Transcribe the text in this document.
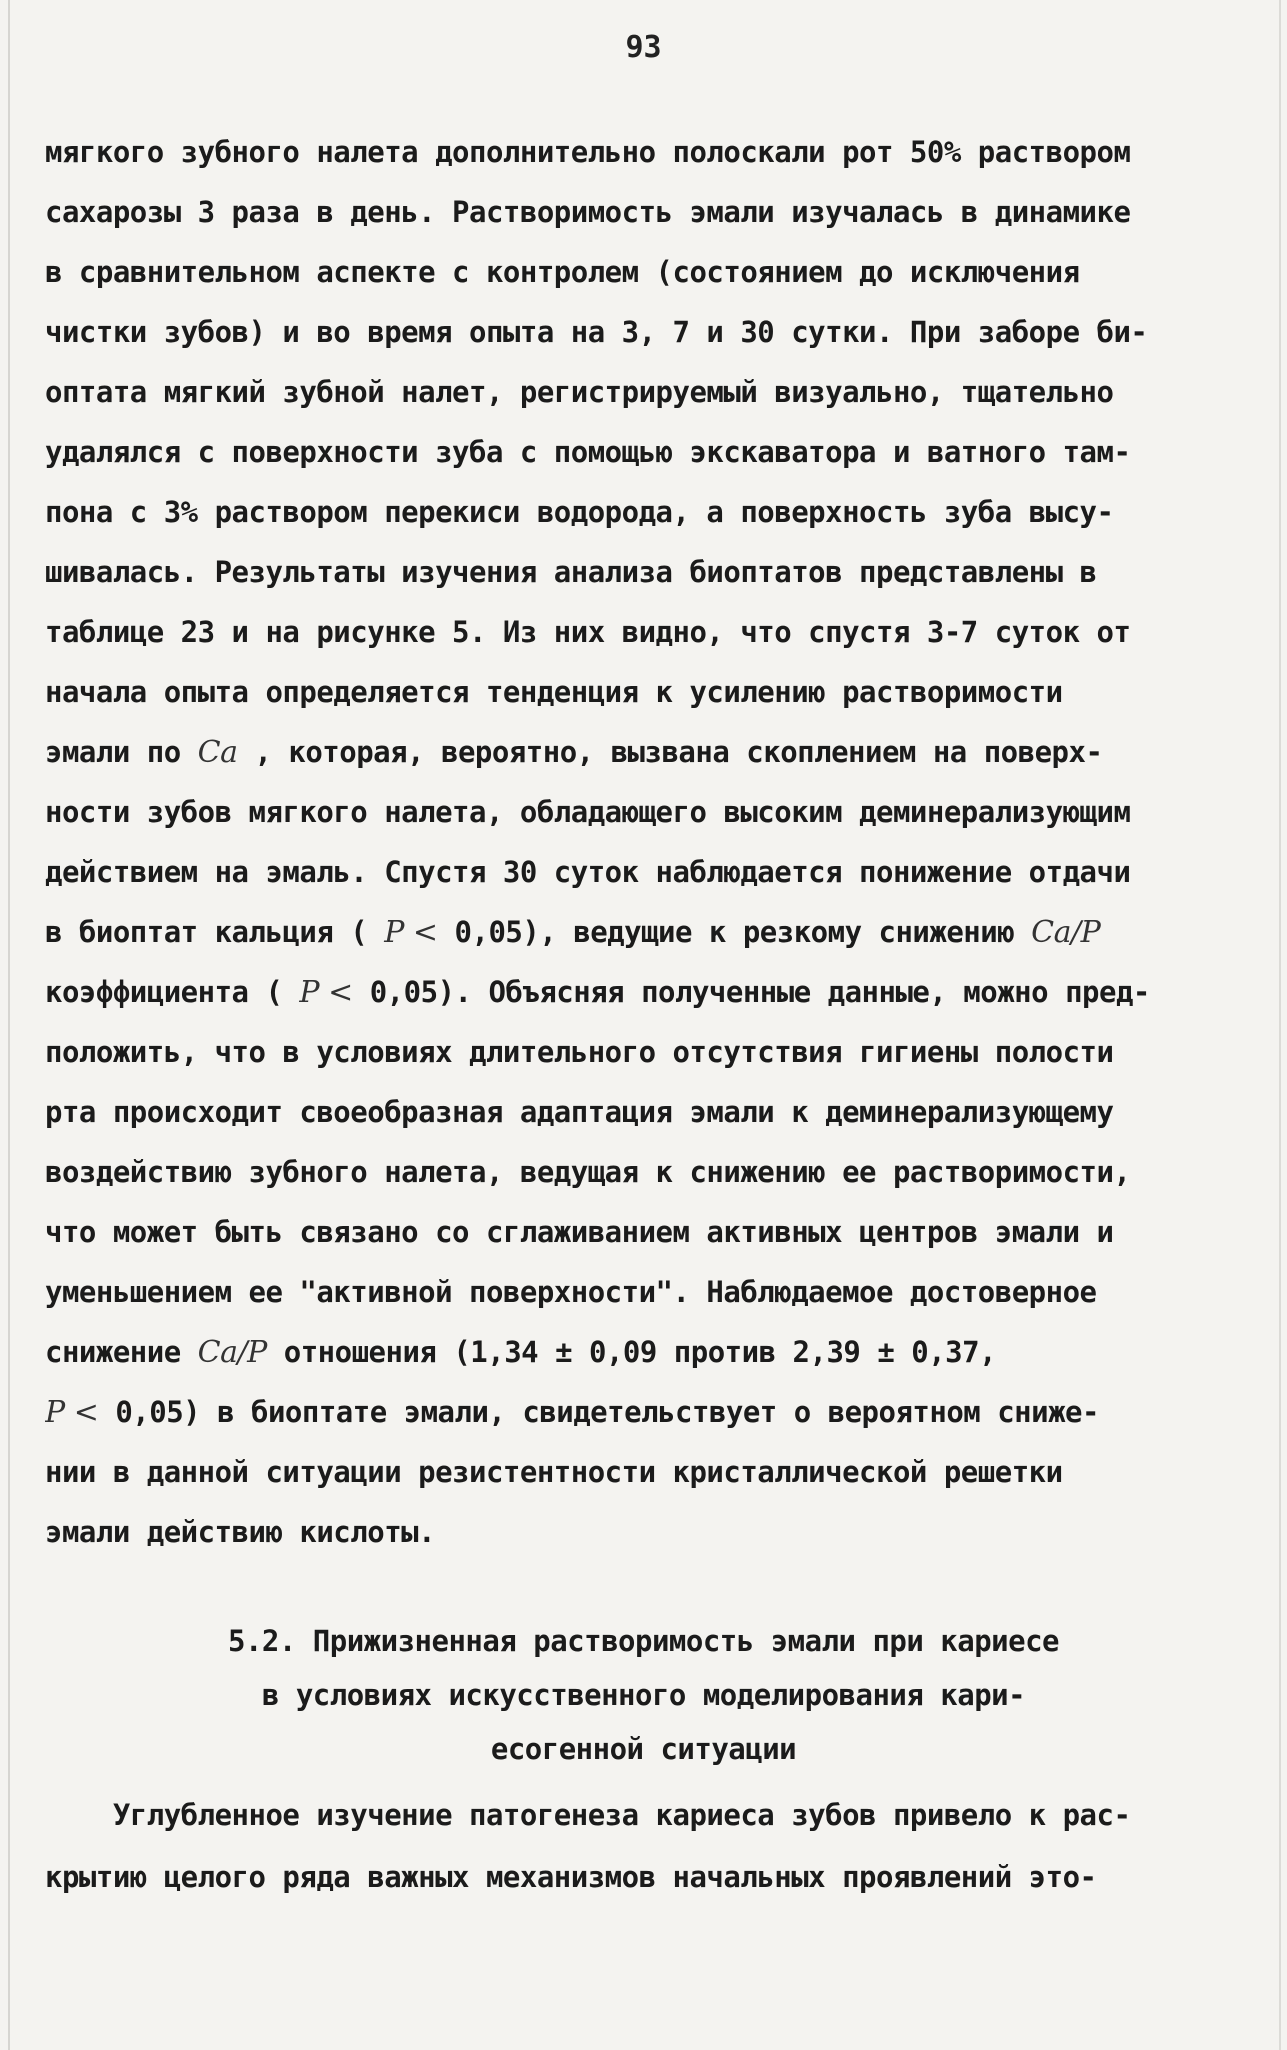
93
мягкого зубного налета дополнительно полоскали рот 50% раствором
сахарозы 3 раза в день. Растворимость эмали изучалась в динамике
в сравнительном аспекте с контролем (состоянием до исключения
чистки зубов) и во время опыта на 3, 7 и 30 сутки. При заборе би-
оптата мягкий зубной налет, регистрируемый визуально, тщательно
удалялся с поверхности зуба с помощью экскаватора и ватного там-
пона с 3% раствором перекиси водорода, а поверхность зуба высу-
шивалась. Результаты изучения анализа биоптатов представлены в
таблице 23 и на рисунке 5. Из них видно, что спустя 3-7 суток от
начала опыта определяется тенденция к усилению растворимости
эмали по Ca , которая, вероятно, вызвана скоплением на поверх-
ности зубов мягкого налета, обладающего высоким деминерализующим
действием на эмаль. Спустя 30 суток наблюдается понижение отдачи
в биоптат кальция ( P < 0,05), ведущие к резкому снижению Ca/P
коэффициента ( P < 0,05). Объясняя полученные данные, можно пред-
положить, что в условиях длительного отсутствия гигиены полости
рта происходит своеобразная адаптация эмали к деминерализующему
воздействию зубного налета, ведущая к снижению ее растворимости,
что может быть связано со сглаживанием активных центров эмали и
уменьшением ее "активной поверхности". Наблюдаемое достоверное
снижение Ca/P отношения (1,34 ± 0,09 против 2,39 ± 0,37,
P < 0,05) в биоптате эмали, свидетельствует о вероятном сниже-
нии в данной ситуации резистентности кристаллической решетки
эмали действию кислоты.
5.2. Прижизненная растворимость эмали при кариесе
в условиях искусственного моделирования кари-
есогенной ситуации
Углубленное изучение патогенеза кариеса зубов привело к рас-
крытию целого ряда важных механизмов начальных проявлений это-
